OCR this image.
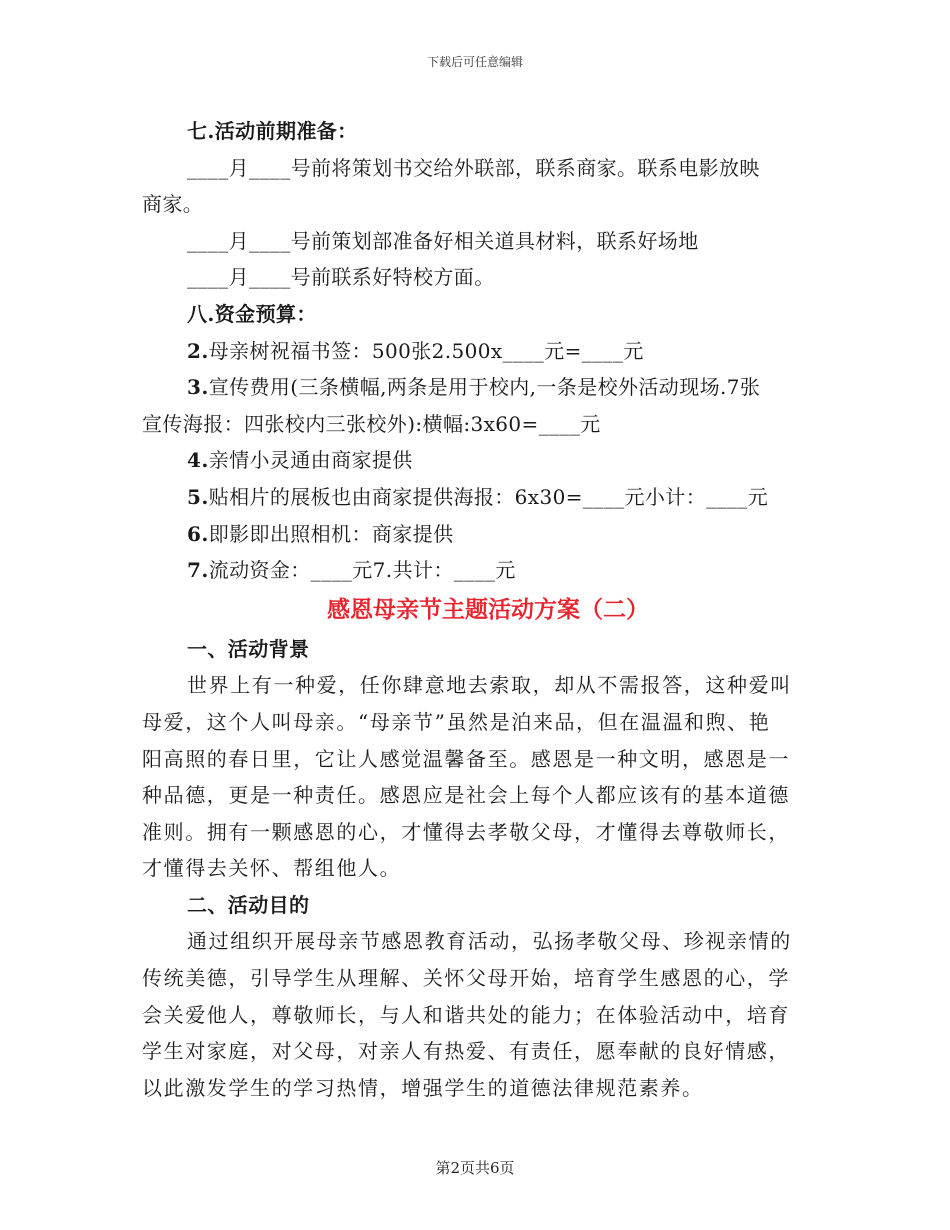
下载后可任意编辑
七.活动前期准备：
____月____号前将策划书交给外联部，联系商家。联系电影放映
商家。
____月____号前策划部准备好相关道具材料，联系好场地
____月____号前联系好特校方面。
八.资金预算：
2.母亲树祝福书签：500张2.500x____元=____元
3.宣传费用(三条横幅,两条是用于校内,一条是校外活动现场.7张
宣传海报：四张校内三张校外):横幅:3x60=____元
4.亲情小灵通由商家提供
5.贴相片的展板也由商家提供海报：6x30=____元小计：____元
6.即影即出照相机：商家提供
7.流动资金：____元7.共计：____元
感恩母亲节主题活动方案（二）
一、活动背景
世界上有一种爱，任你肆意地去索取，却从不需报答，这种爱叫
母爱，这个人叫母亲。“母亲节”虽然是泊来品，但在温温和煦、艳
阳高照的春日里，它让人感觉温馨备至。感恩是一种文明，感恩是一
种品德，更是一种责任。感恩应是社会上每个人都应该有的基本道德
准则。拥有一颗感恩的心，才懂得去孝敬父母，才懂得去尊敬师长，
才懂得去关怀、帮组他人。
二、活动目的
通过组织开展母亲节感恩教育活动，弘扬孝敬父母、珍视亲情的
传统美德，引导学生从理解、关怀父母开始，培育学生感恩的心，学
会关爱他人，尊敬师长，与人和谐共处的能力；在体验活动中，培育
学生对家庭，对父母，对亲人有热爱、有责任，愿奉献的良好情感，
以此激发学生的学习热情，增强学生的道德法律规范素养。
第2页共6页
